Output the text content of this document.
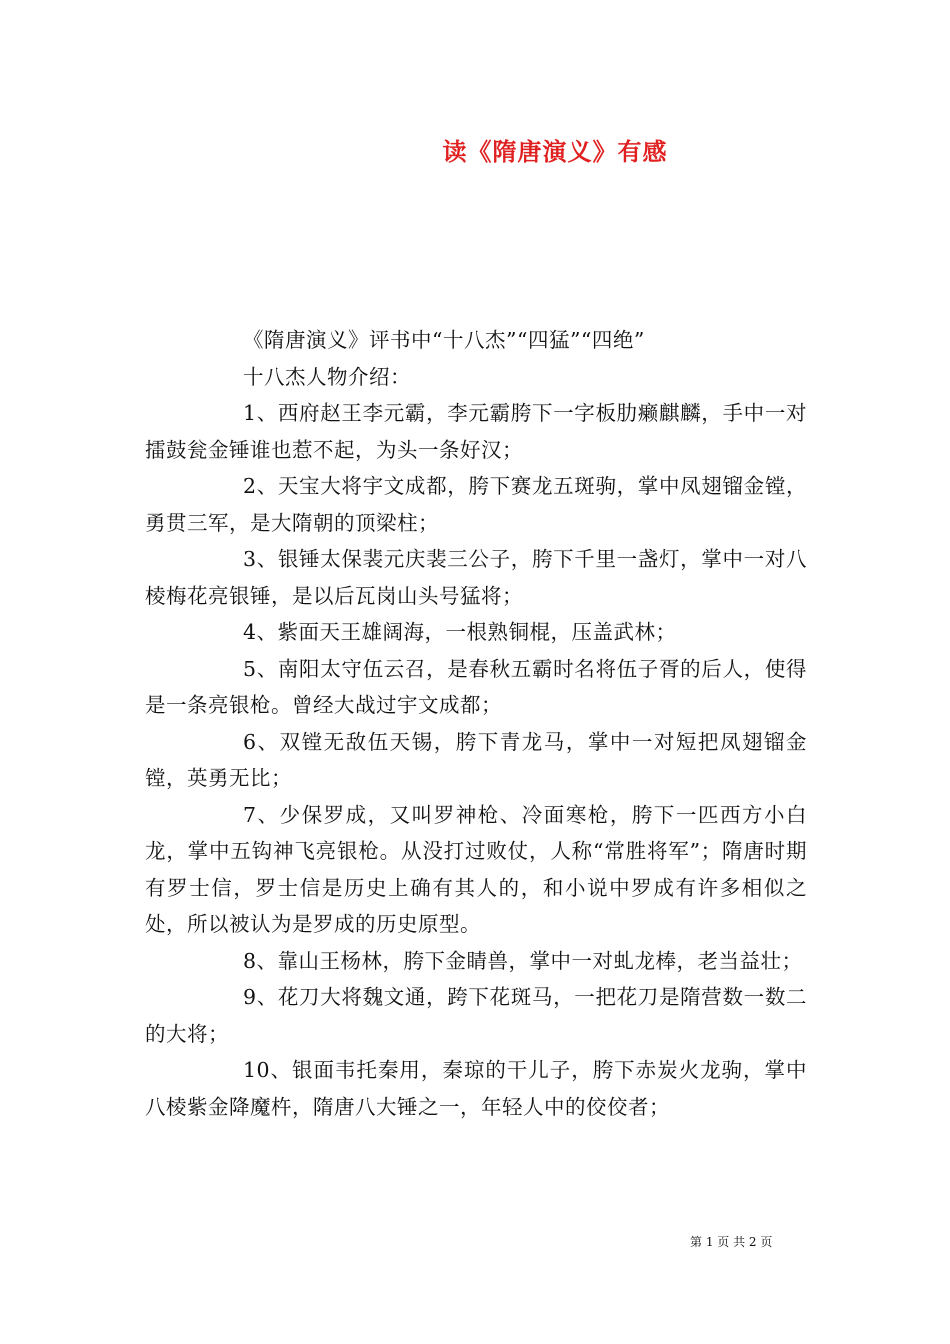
读《隋唐演义》有感

《隋唐演义》评书中“十八杰”“四猛”“四绝”

十八杰人物介绍：

1、西府赵王李元霸，李元霸胯下一字板肋癞麒麟，手中一对擂鼓瓮金锤谁也惹不起，为头一条好汉；

2、天宝大将宇文成都，胯下赛龙五斑驹，掌中凤翅镏金镗，勇贯三军，是大隋朝的顶梁柱；

3、银锤太保裴元庆裴三公子，胯下千里一盏灯，掌中一对八棱梅花亮银锤，是以后瓦岗山头号猛将；

4、紫面天王雄阔海，一根熟铜棍，压盖武林；

5、南阳太守伍云召，是春秋五霸时名将伍子胥的后人，使得是一条亮银枪。曾经大战过宇文成都；

6、双镗无敌伍天锡，胯下青龙马，掌中一对短把凤翅镏金镗，英勇无比；

7、少保罗成，又叫罗神枪、冷面寒枪，胯下一匹西方小白龙，掌中五钩神飞亮银枪。从没打过败仗，人称“常胜将军”；隋唐时期有罗士信，罗士信是历史上确有其人的，和小说中罗成有许多相似之处，所以被认为是罗成的历史原型。

8、靠山王杨林，胯下金睛兽，掌中一对虬龙棒，老当益壮；

9、花刀大将魏文通，跨下花斑马，一把花刀是隋营数一数二的大将；

10、银面韦托秦用，秦琼的干儿子，胯下赤炭火龙驹，掌中八棱紫金降魔杵，隋唐八大锤之一，年轻人中的佼佼者；

第 1 页 共 2 页
